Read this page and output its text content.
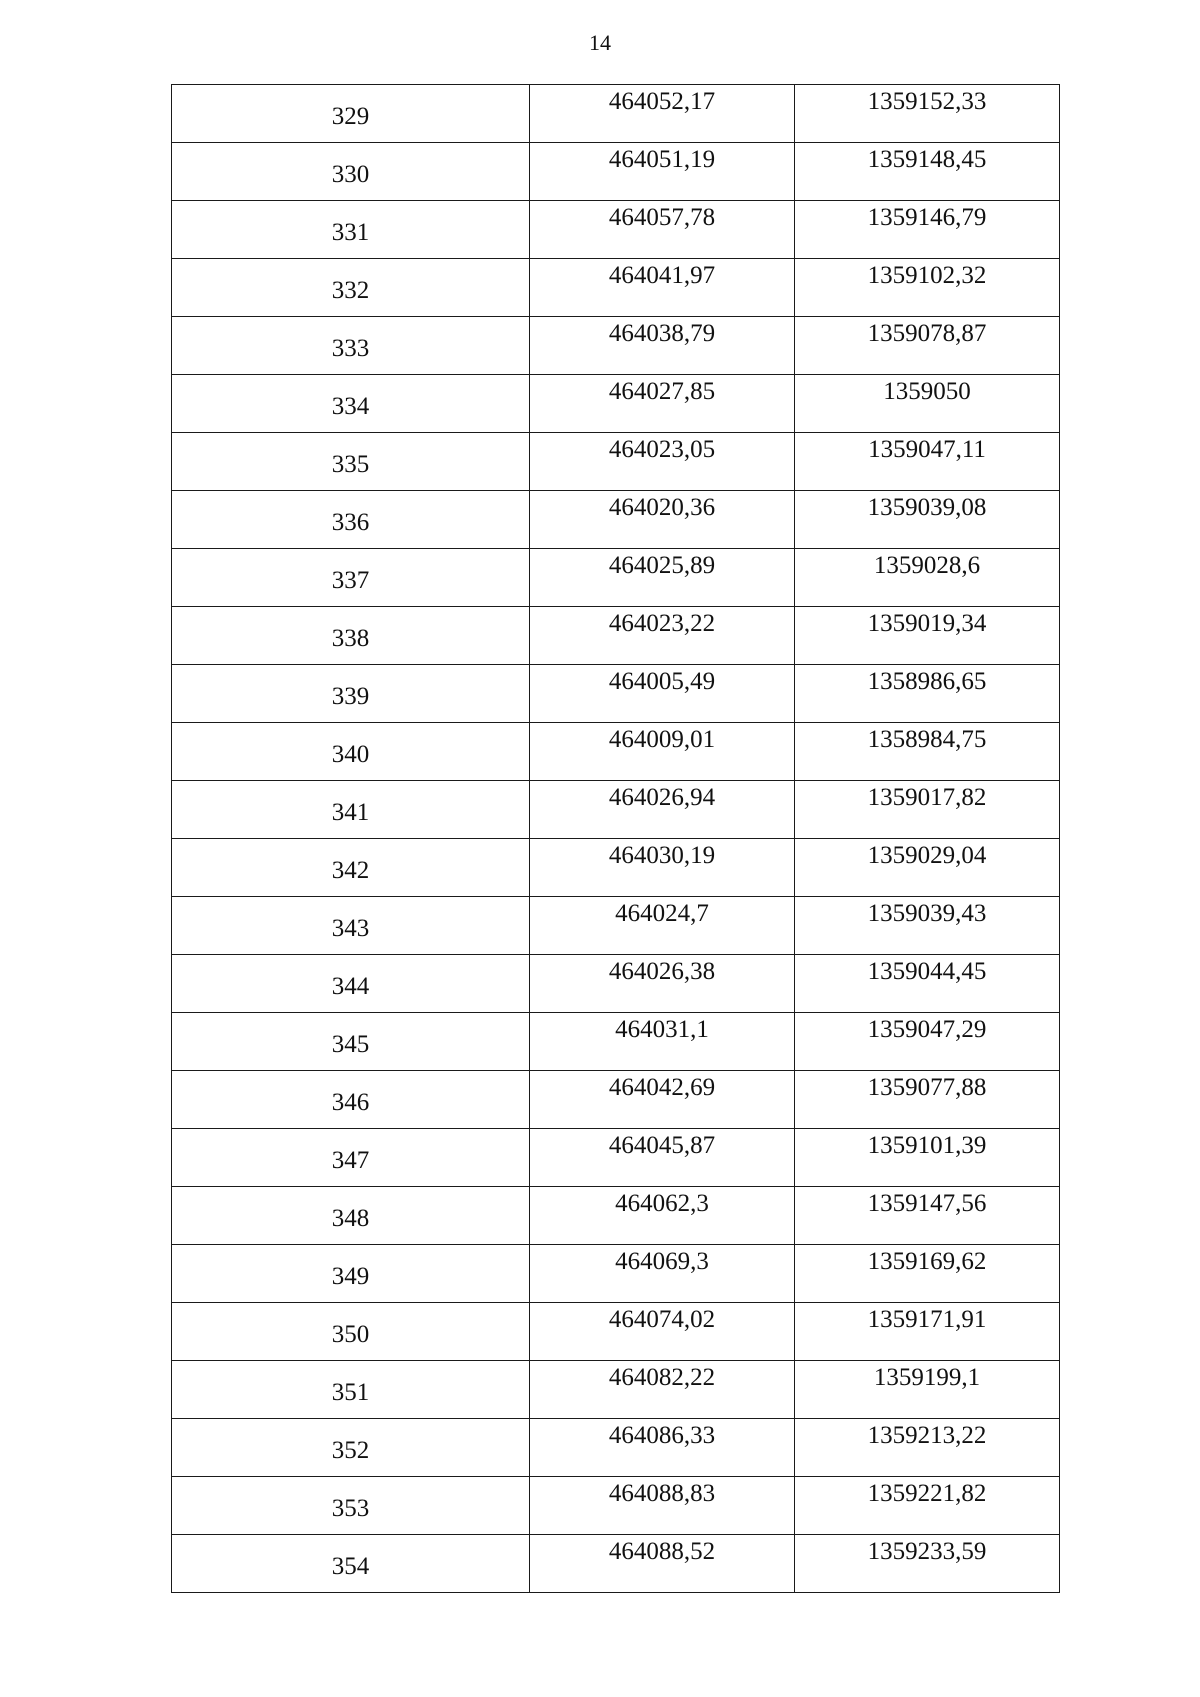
14
329	464052,17	1359152,33
330	464051,19	1359148,45
331	464057,78	1359146,79
332	464041,97	1359102,32
333	464038,79	1359078,87
334	464027,85	1359050
335	464023,05	1359047,11
336	464020,36	1359039,08
337	464025,89	1359028,6
338	464023,22	1359019,34
339	464005,49	1358986,65
340	464009,01	1358984,75
341	464026,94	1359017,82
342	464030,19	1359029,04
343	464024,7	1359039,43
344	464026,38	1359044,45
345	464031,1	1359047,29
346	464042,69	1359077,88
347	464045,87	1359101,39
348	464062,3	1359147,56
349	464069,3	1359169,62
350	464074,02	1359171,91
351	464082,22	1359199,1
352	464086,33	1359213,22
353	464088,83	1359221,82
354	464088,52	1359233,59
